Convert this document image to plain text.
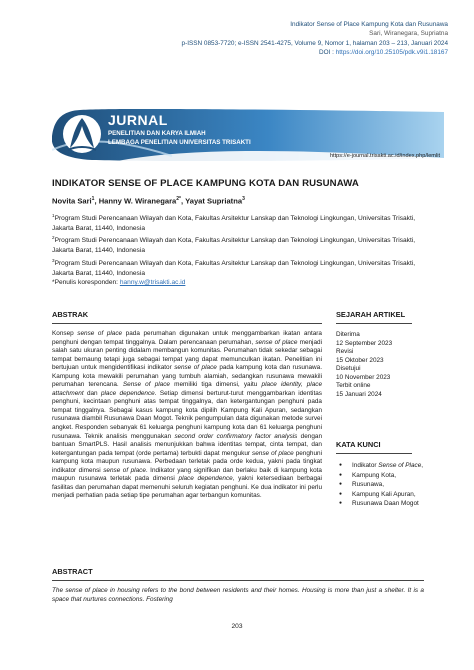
Indikator Sense of Place Kampung Kota dan Rusunawa
Sari, Wiranegara, Supriatna
p-ISSN 0853-7720; e-ISSN 2541-4275, Volume 9, Nomor 1, halaman 203 – 213, Januari 2024
DOI : https://doi.org/10.25105/pdk.v9i1.18167
JURNAL
PENELITIAN DAN KARYA ILMIAH
LEMBAGA PENELITIAN UNIVERSITAS TRISAKTI
https://e-journal.trisakti.ac.id/index.php/lemlit
INDIKATOR SENSE OF PLACE KAMPUNG KOTA DAN RUSUNAWA
Novita Sari$^1$, Hanny W. Wiranegara$^{2*}$, Yayat Supriatna$^3$

$^1$Program Studi Perencanaan Wilayah dan Kota, Fakultas Arsitektur Lanskap dan Teknologi Lingkungan, Universitas Trisakti, Jakarta Barat, 11440, Indonesia

$^2$Program Studi Perencanaan Wilayah dan Kota, Fakultas Arsitektur Lanskap dan Teknologi Lingkungan, Universitas Trisakti, Jakarta Barat, 11440, Indonesia

$^3$Program Studi Perencanaan Wilayah dan Kota, Fakultas Arsitektur Lanskap dan Teknologi Lingkungan, Universitas Trisakti, Jakarta Barat, 11440, Indonesia

*Penulis koresponden: hanny.w@trisakti.ac.id

ABSTRAK
Konsep sense of place pada perumahan digunakan untuk menggambarkan ikatan antara penghuni dengan tempat tinggalnya. Dalam perencanaan perumahan, sense of place menjadi salah satu ukuran penting didalam membangun komunitas. Perumahan tidak sekedar sebagai tempat bernaung tetapi juga sebagai tempat yang dapat memunculkan ikatan. Penelitian ini bertujuan untuk mengidentifikasi indikator sense of place pada kampung kota dan rusunawa. Kampung kota mewakili perumahan yang tumbuh alamiah, sedangkan rusunawa mewakili perumahan terencana. Sense of place memiliki tiga dimensi, yaitu place identity, place attachment dan place dependence. Setiap dimensi berturut-turut menggambarkan identitas penghuni, kecintaan penghuni atas tempat tinggalnya, dan ketergantungan penghuni pada tempat tinggalnya. Sebagai kasus kampung kota dipilih Kampung Kali Apuran, sedangkan rusunawa diambil Rusunawa Daan Mogot. Teknik pengumpulan data digunakan metode survei angket. Responden sebanyak 61 keluarga penghuni kampung kota dan 61 keluarga penghuni rusunawa. Teknik analisis menggunakan second order confirmatory factor analysis dengan bantuan SmartPLS. Hasil analisis menunjukkan bahwa identitas tempat, cinta tempat, dan ketergantungan pada tempat (orde pertama) terbukti dapat mengukur sense of place penghuni kampung kota maupun rusunawa. Perbedaan terletak pada orde kedua, yakni pada tingkat indikator dimensi sense of place. Indikator yang signifikan dan berlaku baik di kampung kota maupun rusunawa terletak pada dimensi place dependence, yakni ketersediaan berbagai fasilitas dan perumahan dapat memenuhi seluruh kegiatan penghuni. Ke dua indikator ini perlu menjadi perhatian pada setiap tipe perumahan agar terbangun komunitas.
SEJARAH ARTIKEL
Diterima
12 September 2023
Revisi
15 Oktober 2023
Disetujui
10 November 2023
Terbit online
15 Januari 2024
KATA KUNCI
● Indikator Sense of Place,
● Kampung Kota,
● Rusunawa,
● Kampung Kali Apuran,
● Rusunawa Daan Mogot
ABSTRACT
The sense of place in housing refers to the bond between residents and their homes. Housing is more than just a shelter. It is a space that nurtures connections. Fostering
203
